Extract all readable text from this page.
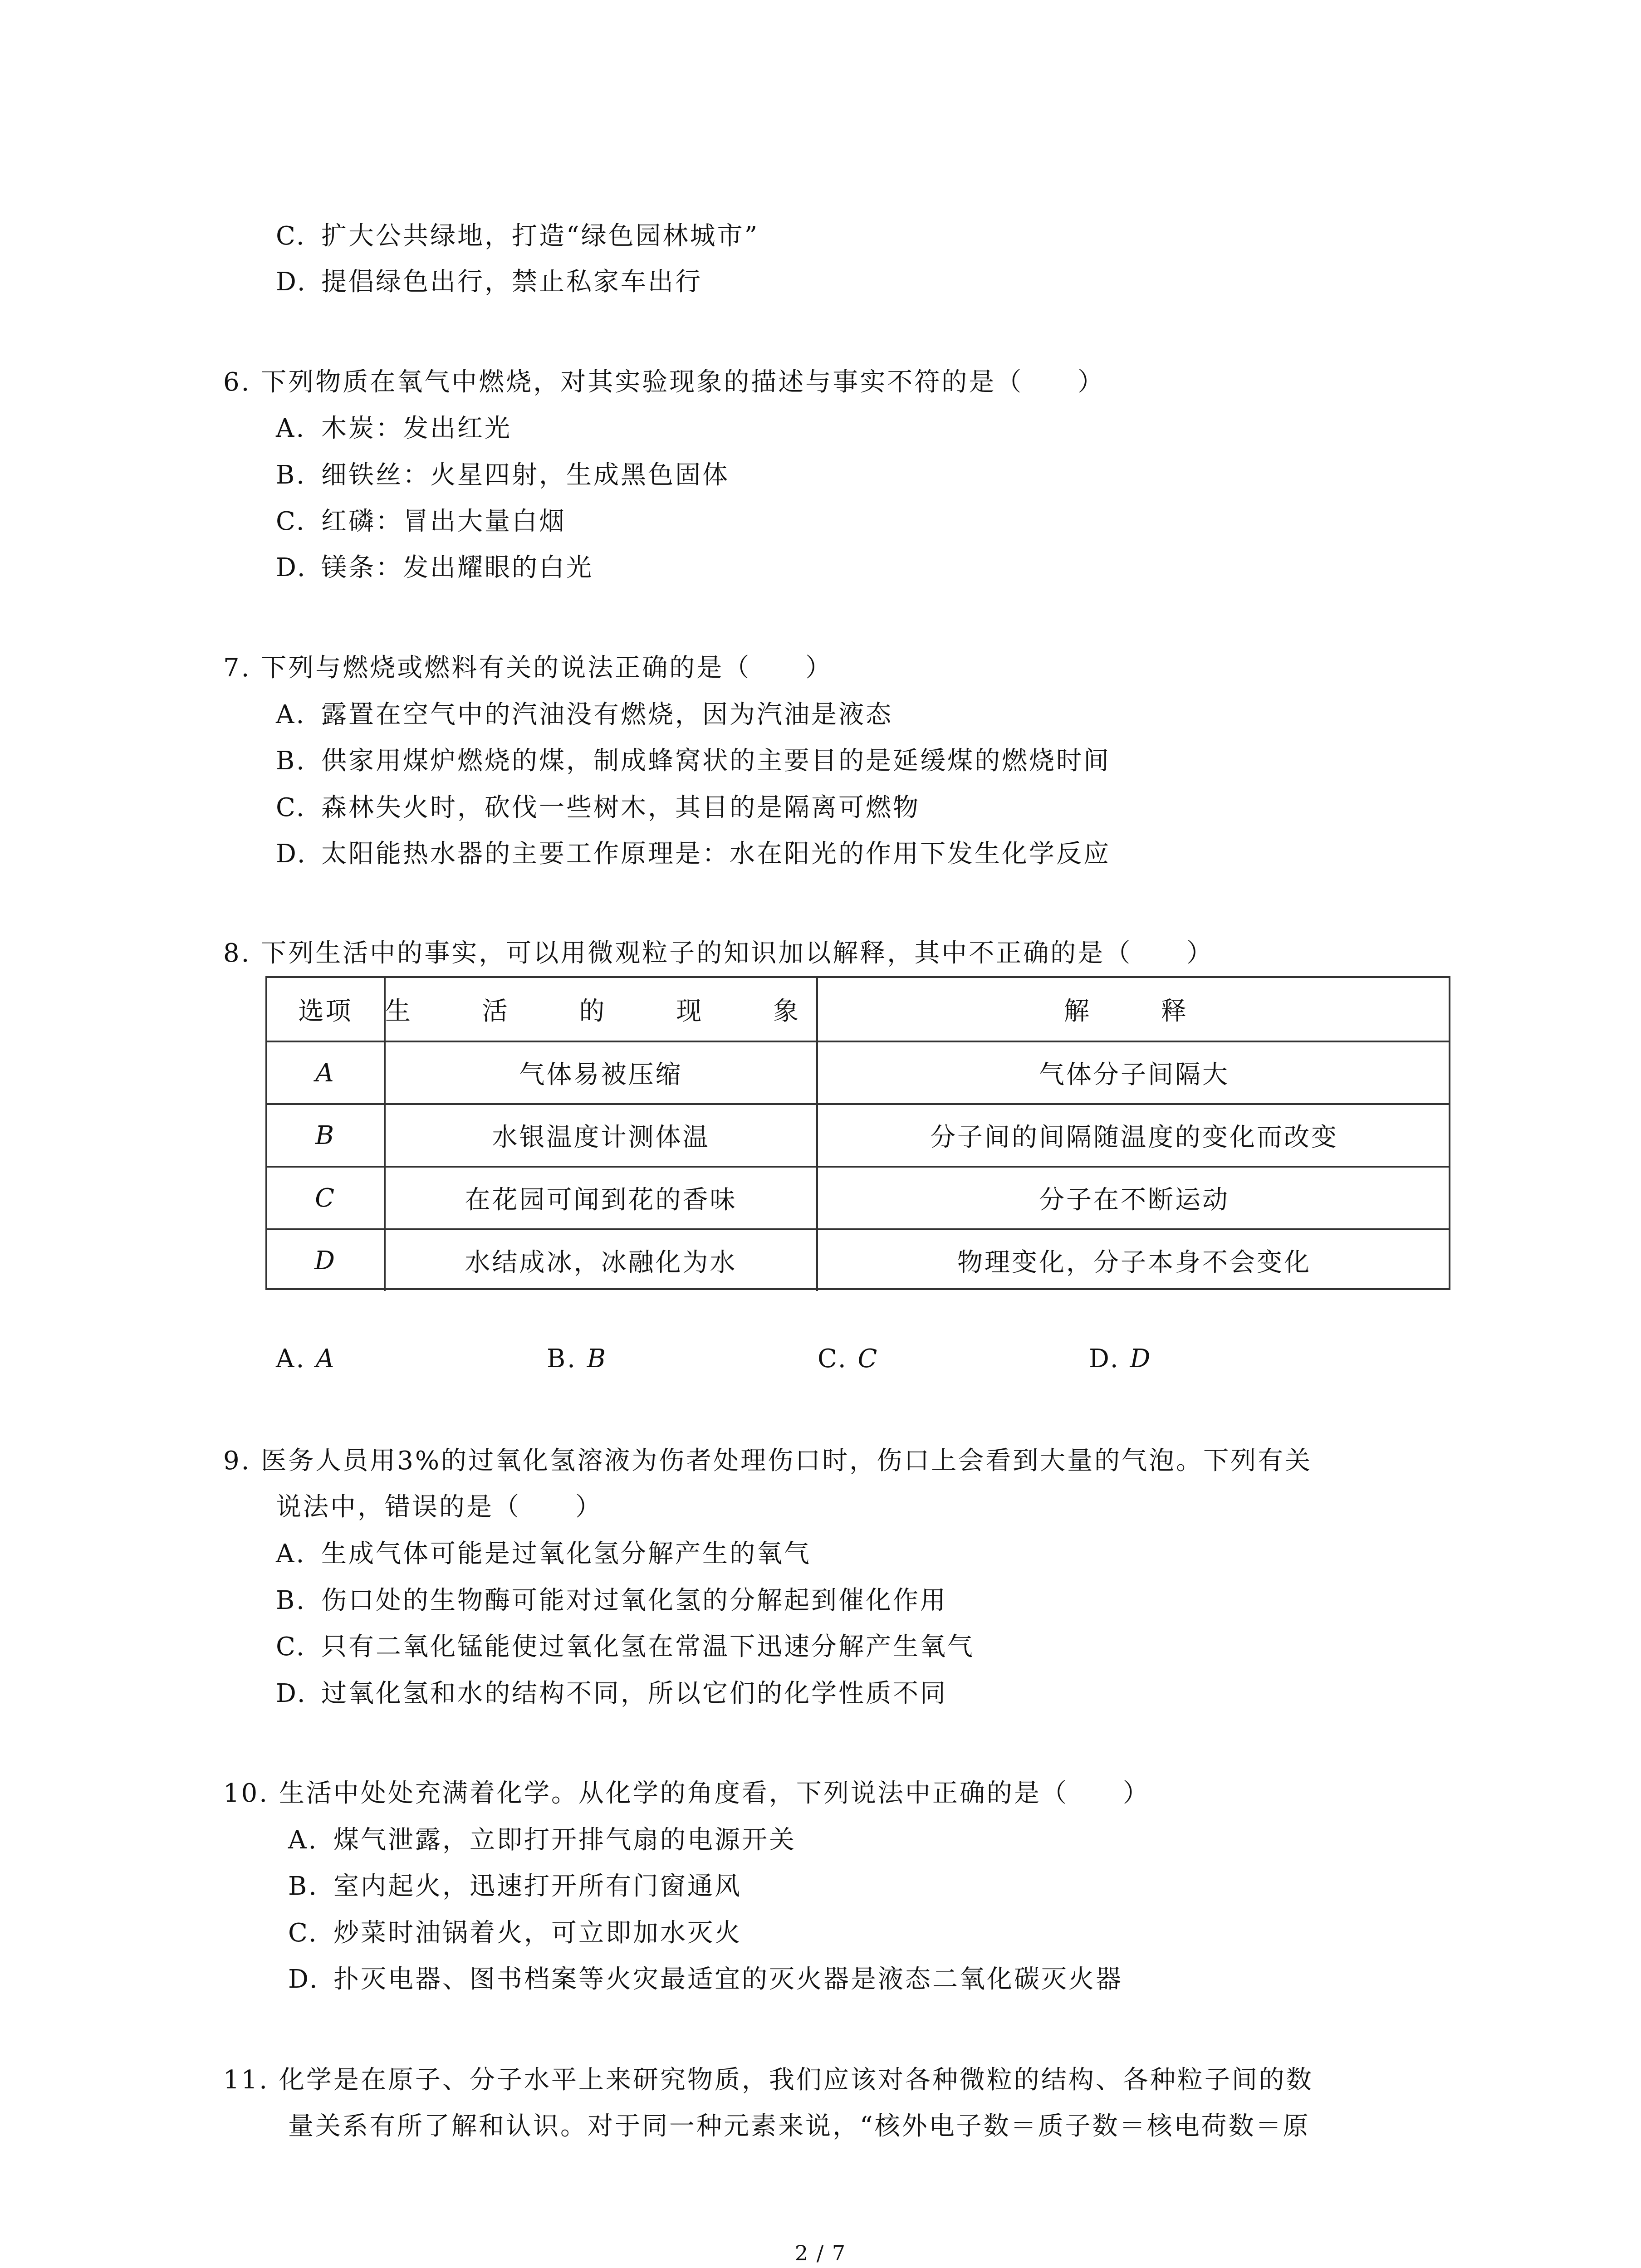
C. 扩大公共绿地，打造“绿色园林城市”
D. 提倡绿色出行，禁止私家车出行
6. 下列物质在氧气中燃烧，对其实验现象的描述与事实不符的是（　　）
A. 木炭：发出红光
B. 细铁丝：火星四射，生成黑色固体
C. 红磷：冒出大量白烟
D. 镁条：发出耀眼的白光
7. 下列与燃烧或燃料有关的说法正确的是（　　）
A. 露置在空气中的汽油没有燃烧，因为汽油是液态
B. 供家用煤炉燃烧的煤，制成蜂窝状的主要目的是延缓煤的燃烧时间
C. 森林失火时，砍伐一些树木，其目的是隔离可燃物
D. 太阳能热水器的主要工作原理是：水在阳光的作用下发生化学反应
8. 下列生活中的事实，可以用微观粒子的知识加以解释，其中不正确的是（　　）
选项	生 活 的 现 象	解 释
A	气体易被压缩	气体分子间隔大
B	水银温度计测体温	分子间的间隔随温度的变化而改变
C	在花园可闻到花的香味	分子在不断运动
D	水结成冰，冰融化为水	物理变化，分子本身不会变化
A. A	B. B	C. C	D. D
9. 医务人员用3%的过氧化氢溶液为伤者处理伤口时，伤口上会看到大量的气泡。下列有关
说法中，错误的是（　　）
A. 生成气体可能是过氧化氢分解产生的氧气
B. 伤口处的生物酶可能对过氧化氢的分解起到催化作用
C. 只有二氧化锰能使过氧化氢在常温下迅速分解产生氧气
D. 过氧化氢和水的结构不同，所以它们的化学性质不同
10. 生活中处处充满着化学。从化学的角度看，下列说法中正确的是（　　）
A. 煤气泄露，立即打开排气扇的电源开关
B. 室内起火，迅速打开所有门窗通风
C. 炒菜时油锅着火，可立即加水灭火
D. 扑灭电器、图书档案等火灾最适宜的灭火器是液态二氧化碳灭火器
11. 化学是在原子、分子水平上来研究物质，我们应该对各种微粒的结构、各种粒子间的数
量关系有所了解和认识。对于同一种元素来说，“核外电子数＝质子数＝核电荷数＝原
2 / 7
